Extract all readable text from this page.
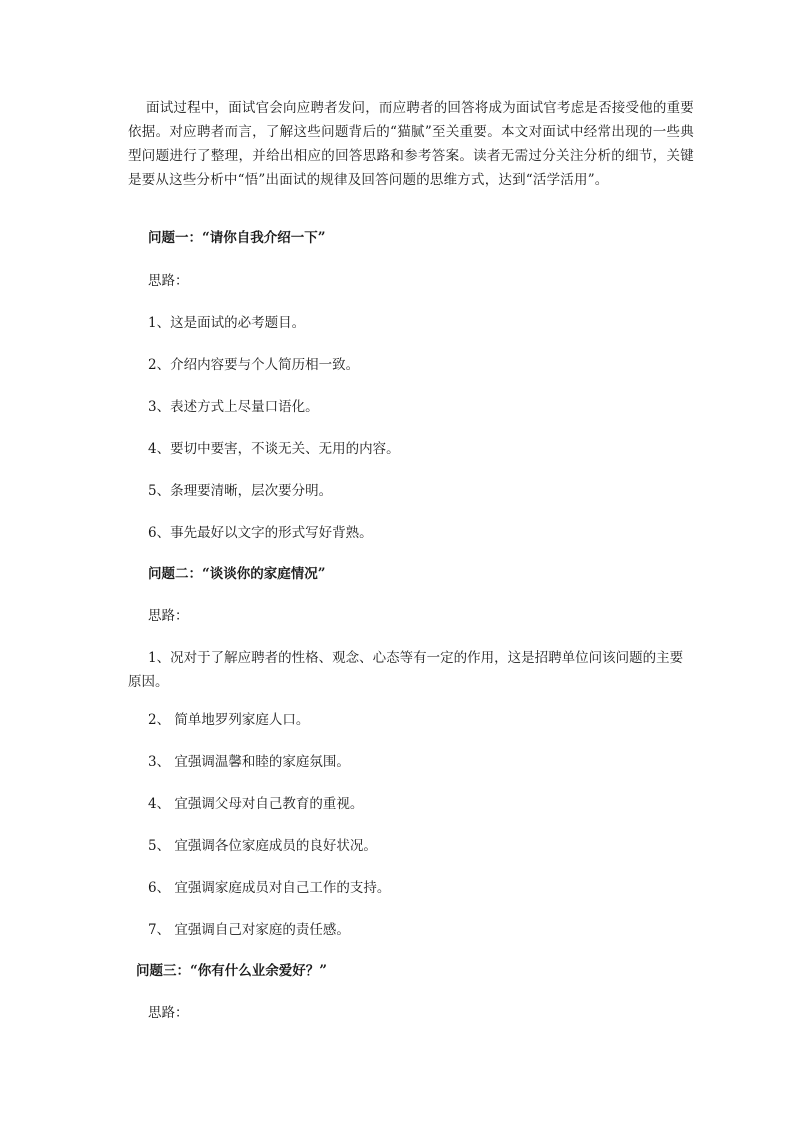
面试过程中，面试官会向应聘者发问，而应聘者的回答将成为面试官考虑是否接受他的重要依据。对应聘者而言，了解这些问题背后的“猫腻”至关重要。本文对面试中经常出现的一些典型问题进行了整理，并给出相应的回答思路和参考答案。读者无需过分关注分析的细节，关键是要从这些分析中“悟”出面试的规律及回答问题的思维方式，达到“活学活用”。
问题一：“请你自我介绍一下”
思路：
1、这是面试的必考题目。
2、介绍内容要与个人简历相一致。
3、表述方式上尽量口语化。
4、要切中要害，不谈无关、无用的内容。
5、条理要清晰，层次要分明。
6、事先最好以文字的形式写好背熟。
问题二：“谈谈你的家庭情况”
思路：
1、况对于了解应聘者的性格、观念、心态等有一定的作用，这是招聘单位问该问题的主要原因。
2、 简单地罗列家庭人口。
3、 宜强调温馨和睦的家庭氛围。
4、 宜强调父母对自己教育的重视。
5、 宜强调各位家庭成员的良好状况。
6、 宜强调家庭成员对自己工作的支持。
7、 宜强调自己对家庭的责任感。
问题三：“你有什么业余爱好？”
思路：
